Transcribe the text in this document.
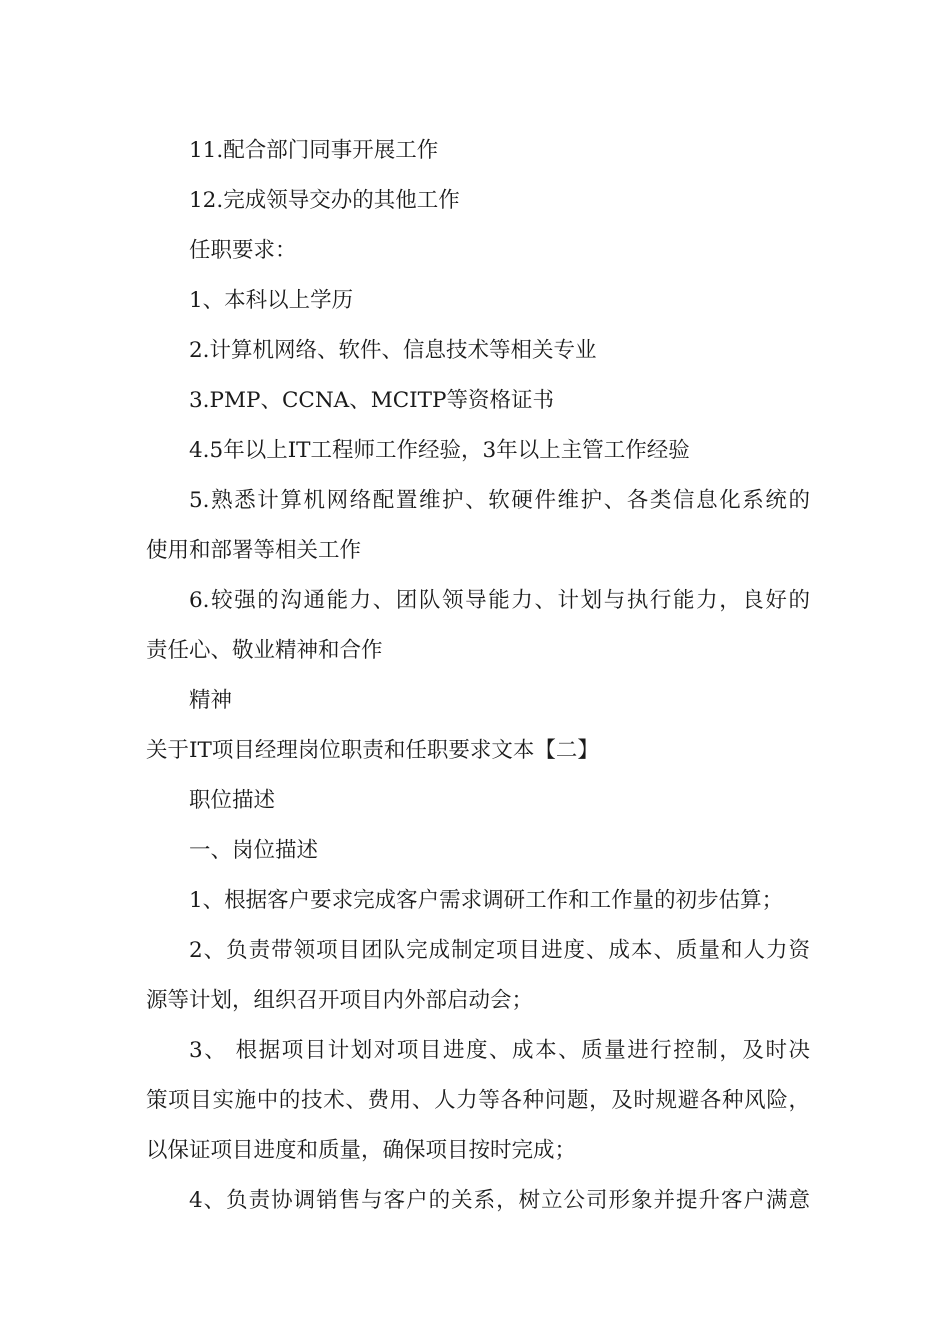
11.配合部门同事开展工作
12.完成领导交办的其他工作
任职要求：
1、本科以上学历
2.计算机网络、软件、信息技术等相关专业
3.PMP、CCNA、MCITP等资格证书
4.5年以上IT工程师工作经验，3年以上主管工作经验
5.熟悉计算机网络配置维护、软硬件维护、各类信息化系统的
使用和部署等相关工作
6.较强的沟通能力、团队领导能力、计划与执行能力，良好的
责任心、敬业精神和合作
精神
关于IT项目经理岗位职责和任职要求文本【二】
职位描述
一、岗位描述
1、根据客户要求完成客户需求调研工作和工作量的初步估算；
2、负责带领项目团队完成制定项目进度、成本、质量和人力资
源等计划，组织召开项目内外部启动会；
3、 根据项目计划对项目进度、成本、质量进行控制，及时决
策项目实施中的技术、费用、人力等各种问题，及时规避各种风险，
以保证项目进度和质量，确保项目按时完成；
4、负责协调销售与客户的关系，树立公司形象并提升客户满意
